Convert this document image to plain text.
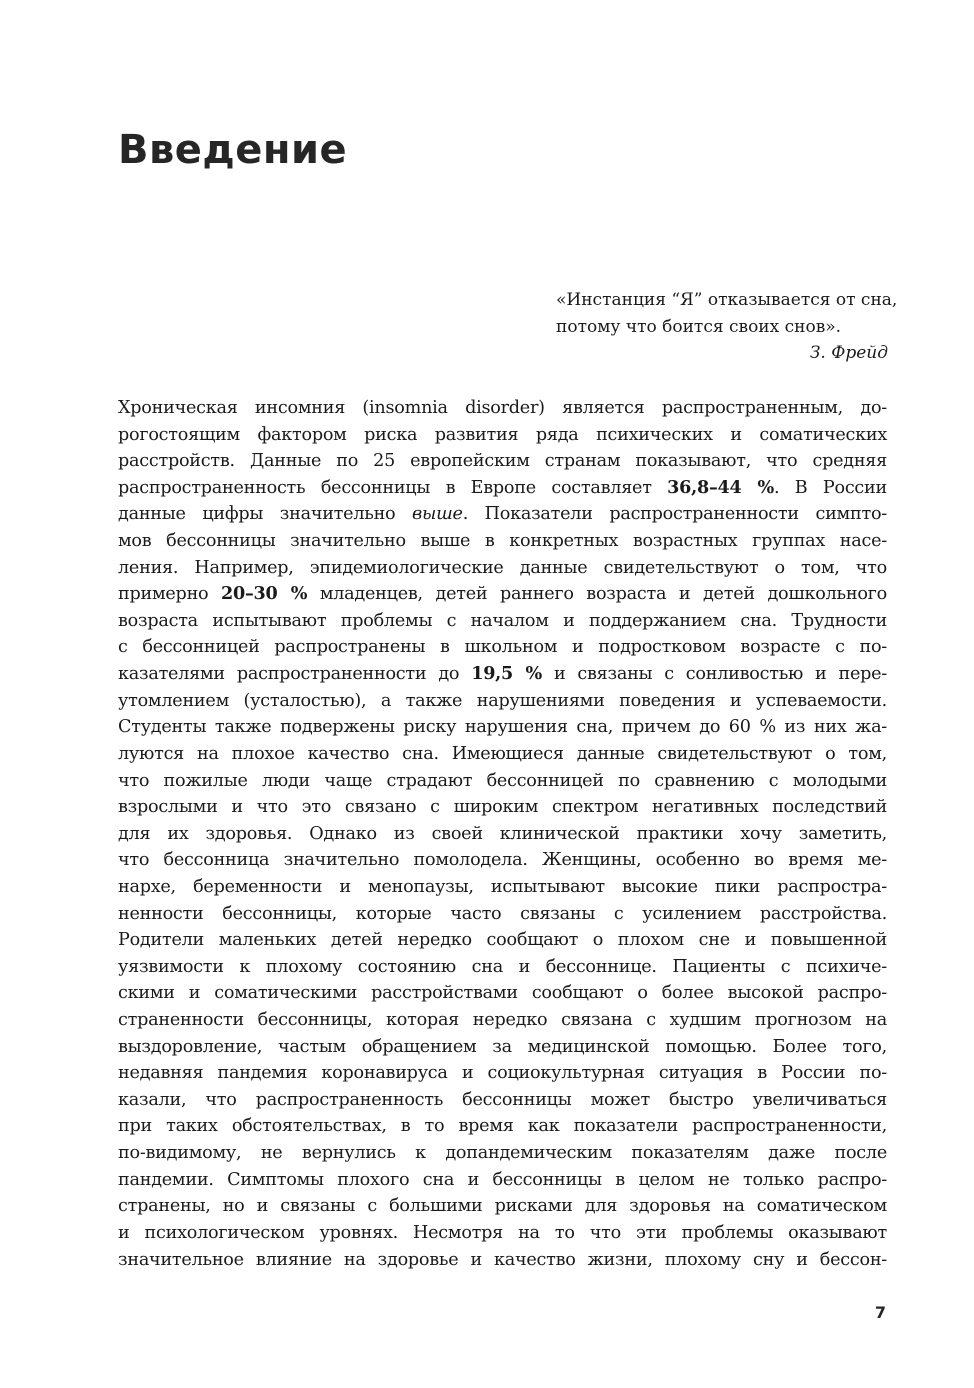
Введение
«Инстанция “Я” отказывается от сна,
потому что боится своих снов».
З. Фрейд
Хроническая инсомния (insomnia disorder) является распространенным, до-
рогостоящим фактором риска развития ряда психических и соматических
расстройств. Данные по 25 европейским странам показывают, что средняя
распространенность бессонницы в Европе составляет 36,8–44 %. В России
данные цифры значительно выше. Показатели распространенности симпто-
мов бессонницы значительно выше в конкретных возрастных группах насе-
ления. Например, эпидемиологические данные свидетельствуют о том, что
примерно 20–30 % младенцев, детей раннего возраста и детей дошкольного
возраста испытывают проблемы с началом и поддержанием сна. Трудности
с бессонницей распространены в школьном и подростковом возрасте с по-
казателями распространенности до 19,5 % и связаны с сонливостью и пере-
утомлением (усталостью), а также нарушениями поведения и успеваемости.
Студенты также подвержены риску нарушения сна, причем до 60 % из них жа-
луются на плохое качество сна. Имеющиеся данные свидетельствуют о том,
что пожилые люди чаще страдают бессонницей по сравнению с молодыми
взрослыми и что это связано с широким спектром негативных последствий
для их здоровья. Однако из своей клинической практики хочу заметить,
что бессонница значительно помолодела. Женщины, особенно во время ме-
нархе, беременности и менопаузы, испытывают высокие пики распростра-
ненности бессонницы, которые часто связаны с усилением расстройства.
Родители маленьких детей нередко сообщают о плохом сне и повышенной
уязвимости к плохому состоянию сна и бессоннице. Пациенты с психиче-
скими и соматическими расстройствами сообщают о более высокой распро-
страненности бессонницы, которая нередко связана с худшим прогнозом на
выздоровление, частым обращением за медицинской помощью. Более того,
недавняя пандемия коронавируса и социокультурная ситуация в России по-
казали, что распространенность бессонницы может быстро увеличиваться
при таких обстоятельствах, в то время как показатели распространенности,
по-видимому, не вернулись к допандемическим показателям даже после
пандемии. Симптомы плохого сна и бессонницы в целом не только распро-
странены, но и связаны с большими рисками для здоровья на соматическом
и психологическом уровнях. Несмотря на то что эти проблемы оказывают
значительное влияние на здоровье и качество жизни, плохому сну и бессон-
7
